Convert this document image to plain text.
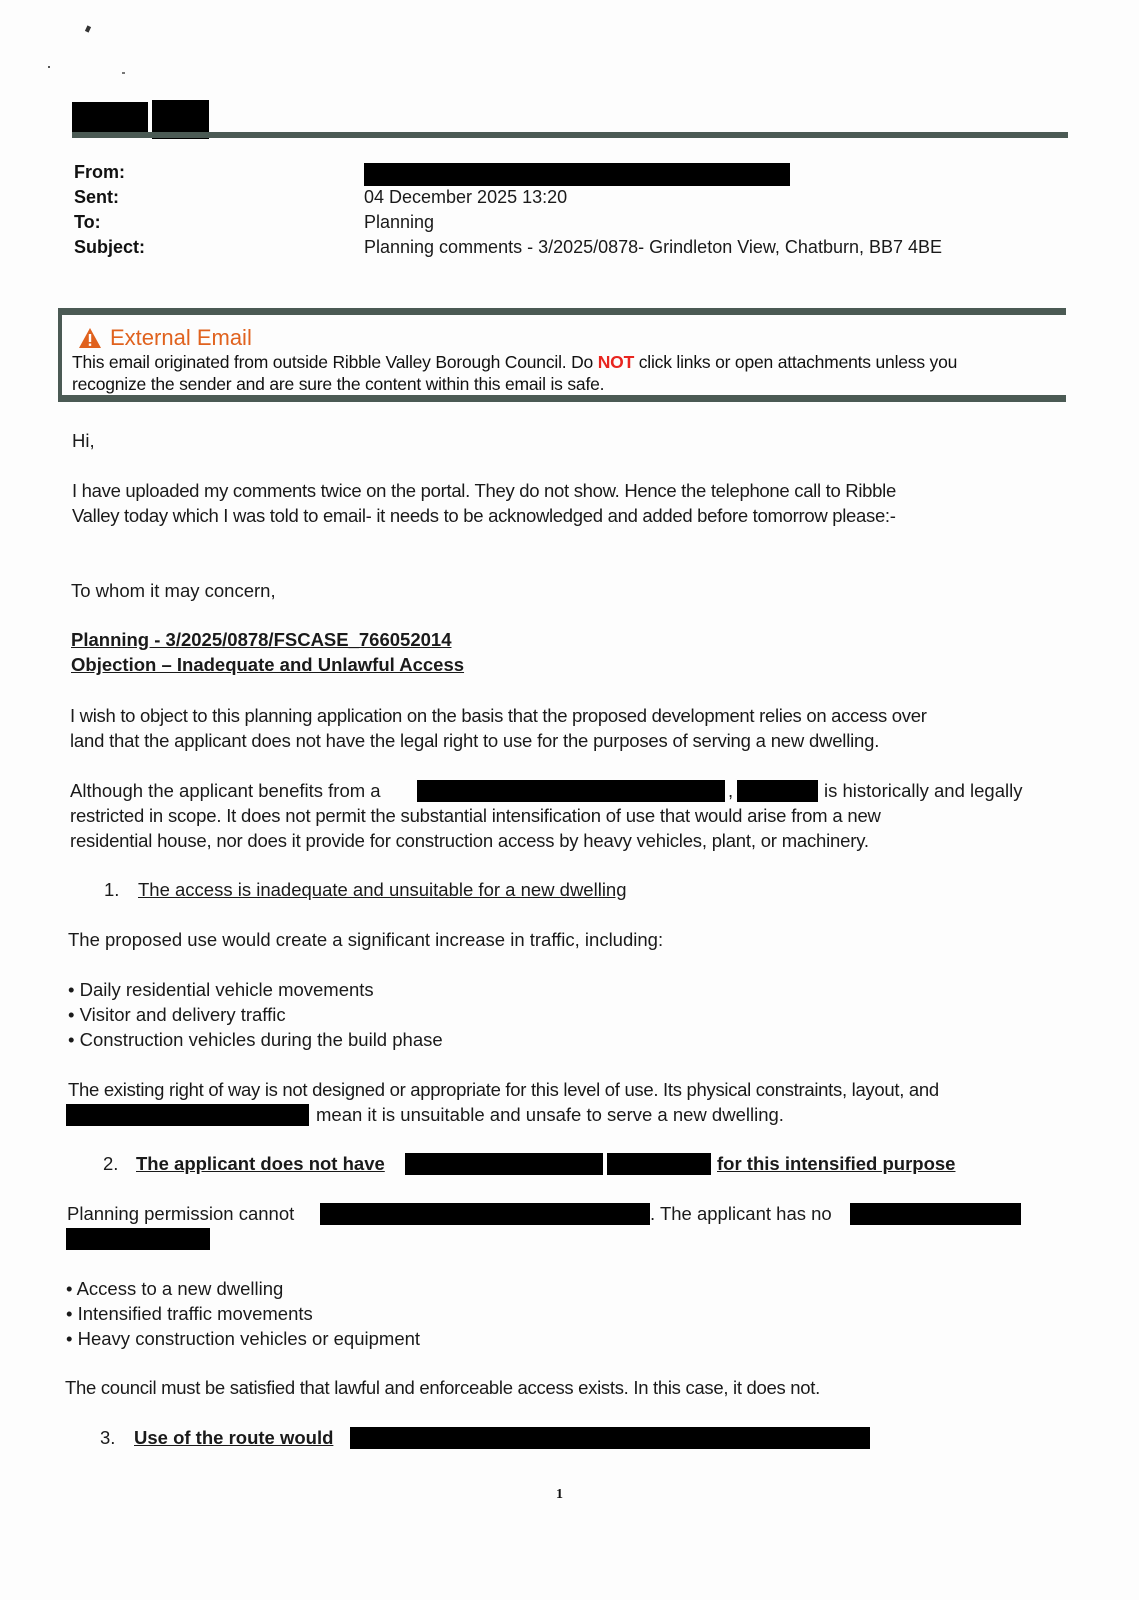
From:
Sent:	04 December 2025 13:20
To:	Planning
Subject:	Planning comments - 3/2025/0878- Grindleton View, Chatburn, BB7 4BE
External Email
This email originated from outside Ribble Valley Borough Council. Do NOT click links or open attachments unless you
recognize the sender and are sure the content within this email is safe.
Hi,
I have uploaded my comments twice on the portal. They do not show. Hence the telephone call to Ribble
Valley today which I was told to email- it needs to be acknowledged and added before tomorrow please:-
To whom it may concern,
Planning - 3/2025/0878/FSCASE_766052014
Objection – Inadequate and Unlawful Access
I wish to object to this planning application on the basis that the proposed development relies on access over
land that the applicant does not have the legal right to use for the purposes of serving a new dwelling.
Although the applicant benefits from a	,	is historically and legally
restricted in scope. It does not permit the substantial intensification of use that would arise from a new
residential house, nor does it provide for construction access by heavy vehicles, plant, or machinery.
1. The access is inadequate and unsuitable for a new dwelling
The proposed use would create a significant increase in traffic, including:
• Daily residential vehicle movements
• Visitor and delivery traffic
• Construction vehicles during the build phase
The existing right of way is not designed or appropriate for this level of use. Its physical constraints, layout, and
mean it is unsuitable and unsafe to serve a new dwelling.
2. The applicant does not have	for this intensified purpose
Planning permission cannot	. The applicant has no
• Access to a new dwelling
• Intensified traffic movements
• Heavy construction vehicles or equipment
The council must be satisfied that lawful and enforceable access exists. In this case, it does not.
3. Use of the route would
1
